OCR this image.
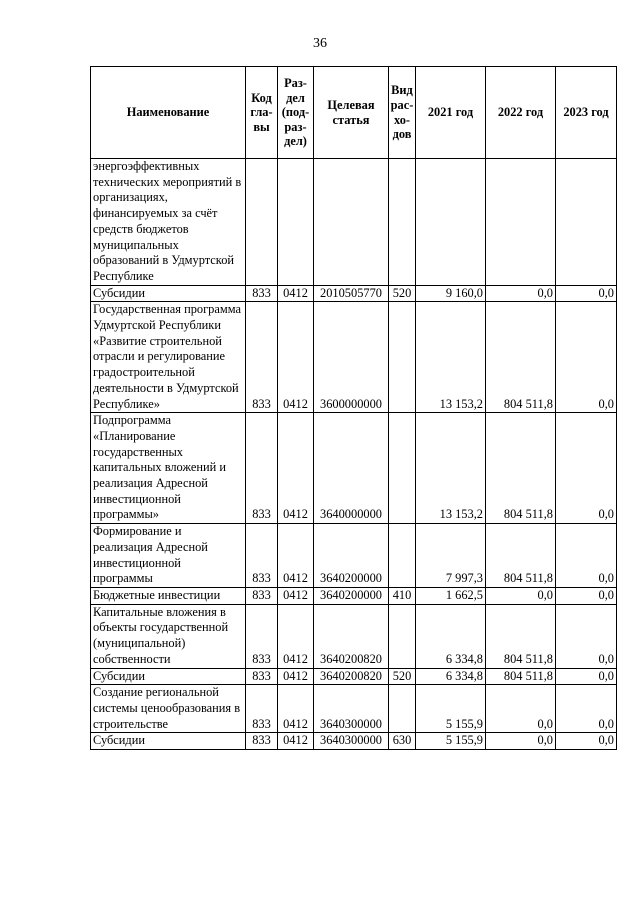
36
Наименование	Код гла-вы	Раз-дел (под-раз-дел)	Целевая статья	Вид рас-хо-дов	2021 год	2022 год	2023 год
энергоэффективных технических мероприятий в организациях, финансируемых за счёт средств бюджетов муниципальных образований в Удмуртской Республике							
Субсидии	833	0412	2010505770	520	9 160,0	0,0	0,0
Государственная программа Удмуртской Республики «Развитие строительной отрасли и регулирование градостроительной деятельности в Удмуртской Республике»	833	0412	3600000000		13 153,2	804 511,8	0,0
Подпрограмма «Планирование государственных капитальных вложений и реализация Адресной инвестиционной программы»	833	0412	3640000000		13 153,2	804 511,8	0,0
Формирование и реализация Адресной инвестиционной программы	833	0412	3640200000		7 997,3	804 511,8	0,0
Бюджетные инвестиции	833	0412	3640200000	410	1 662,5	0,0	0,0
Капитальные вложения в объекты государственной (муниципальной) собственности	833	0412	3640200820		6 334,8	804 511,8	0,0
Субсидии	833	0412	3640200820	520	6 334,8	804 511,8	0,0
Создание региональной системы ценообразования в строительстве	833	0412	3640300000		5 155,9	0,0	0,0
Субсидии	833	0412	3640300000	630	5 155,9	0,0	0,0
